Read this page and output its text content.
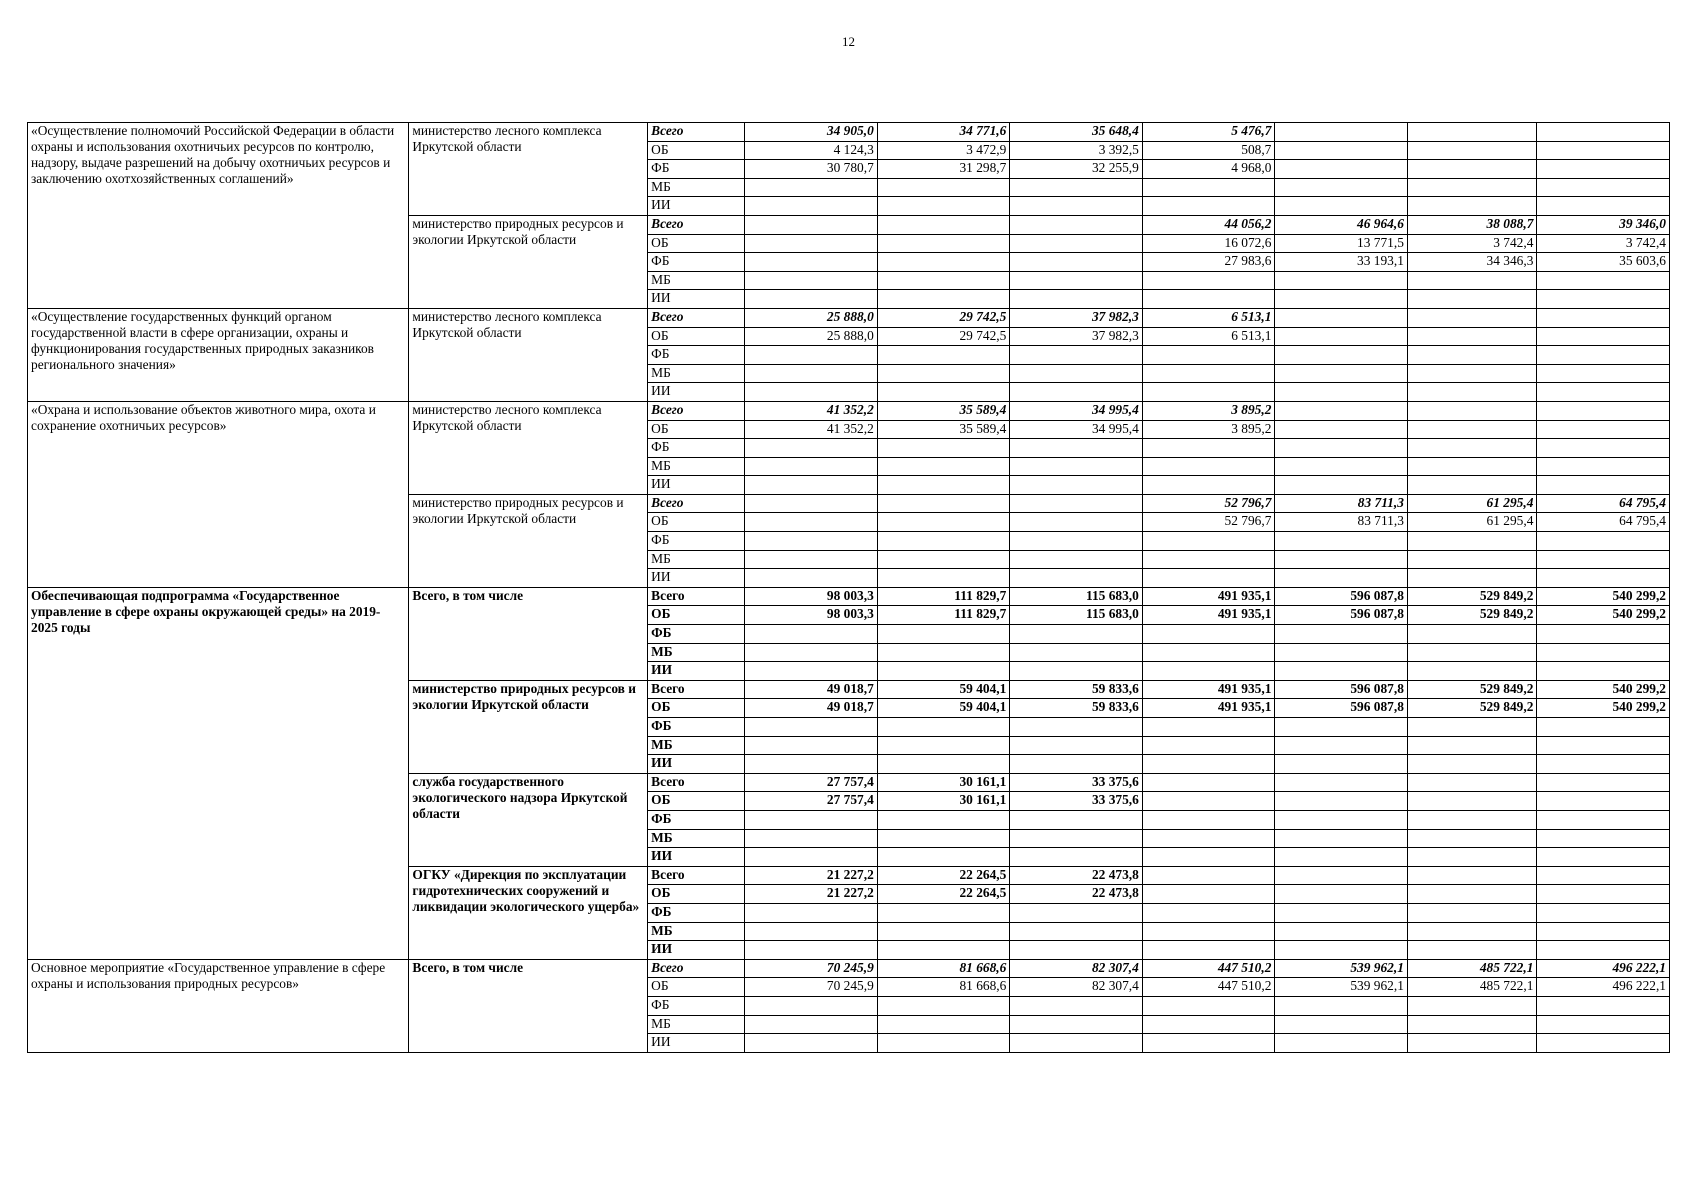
12
«Осуществление полномочий Российской Федерации в области охраны и использования охотничьих ресурсов по контролю, надзору, выдаче разрешений на добычу охотничьих ресурсов и заключению охотхозяйственных соглашений»	министерство лесного комплекса Иркутской области	Всего	34 905,0	34 771,6	35 648,4	5 476,7			
		ОБ	4 124,3	3 472,9	3 392,5	508,7			
		ФБ	30 780,7	31 298,7	32 255,9	4 968,0			
		МБ							
		ИИ							
	министерство природных ресурсов и экологии Иркутской области	Всего				44 056,2	46 964,6	38 088,7	39 346,0
		ОБ				16 072,6	13 771,5	3 742,4	3 742,4
		ФБ				27 983,6	33 193,1	34 346,3	35 603,6
		МБ							
		ИИ							
«Осуществление государственных функций органом государственной власти в сфере организации, охраны и функционирования государственных природных заказников регионального значения»	министерство лесного комплекса Иркутской области	Всего	25 888,0	29 742,5	37 982,3	6 513,1			
		ОБ	25 888,0	29 742,5	37 982,3	6 513,1			
		ФБ							
		МБ							
		ИИ							
«Охрана и использование объектов животного мира, охота и сохранение охотничьих ресурсов»	министерство лесного комплекса Иркутской области	Всего	41 352,2	35 589,4	34 995,4	3 895,2			
		ОБ	41 352,2	35 589,4	34 995,4	3 895,2			
		ФБ							
		МБ							
		ИИ							
	министерство природных ресурсов и экологии Иркутской области	Всего				52 796,7	83 711,3	61 295,4	64 795,4
		ОБ				52 796,7	83 711,3	61 295,4	64 795,4
		ФБ							
		МБ							
		ИИ							
Обеспечивающая подпрограмма «Государственное управление в сфере охраны окружающей среды» на 2019-2025 годы	Всего, в том числе	Всего	98 003,3	111 829,7	115 683,0	491 935,1	596 087,8	529 849,2	540 299,2
		ОБ	98 003,3	111 829,7	115 683,0	491 935,1	596 087,8	529 849,2	540 299,2
		ФБ							
		МБ							
		ИИ							
	министерство природных ресурсов и экологии Иркутской области	Всего	49 018,7	59 404,1	59 833,6	491 935,1	596 087,8	529 849,2	540 299,2
		ОБ	49 018,7	59 404,1	59 833,6	491 935,1	596 087,8	529 849,2	540 299,2
		ФБ							
		МБ							
		ИИ							
	служба государственного экологического надзора Иркутской области	Всего	27 757,4	30 161,1	33 375,6				
		ОБ	27 757,4	30 161,1	33 375,6				
		ФБ							
		МБ							
		ИИ							
	ОГКУ «Дирекция по эксплуатации гидротехнических сооружений и ликвидации экологического ущерба»	Всего	21 227,2	22 264,5	22 473,8				
		ОБ	21 227,2	22 264,5	22 473,8				
		ФБ							
		МБ							
		ИИ							
Основное мероприятие «Государственное управление в сфере охраны и использования природных ресурсов»	Всего, в том числе	Всего	70 245,9	81 668,6	82 307,4	447 510,2	539 962,1	485 722,1	496 222,1
		ОБ	70 245,9	81 668,6	82 307,4	447 510,2	539 962,1	485 722,1	496 222,1
		ФБ							
		МБ							
		ИИ							
